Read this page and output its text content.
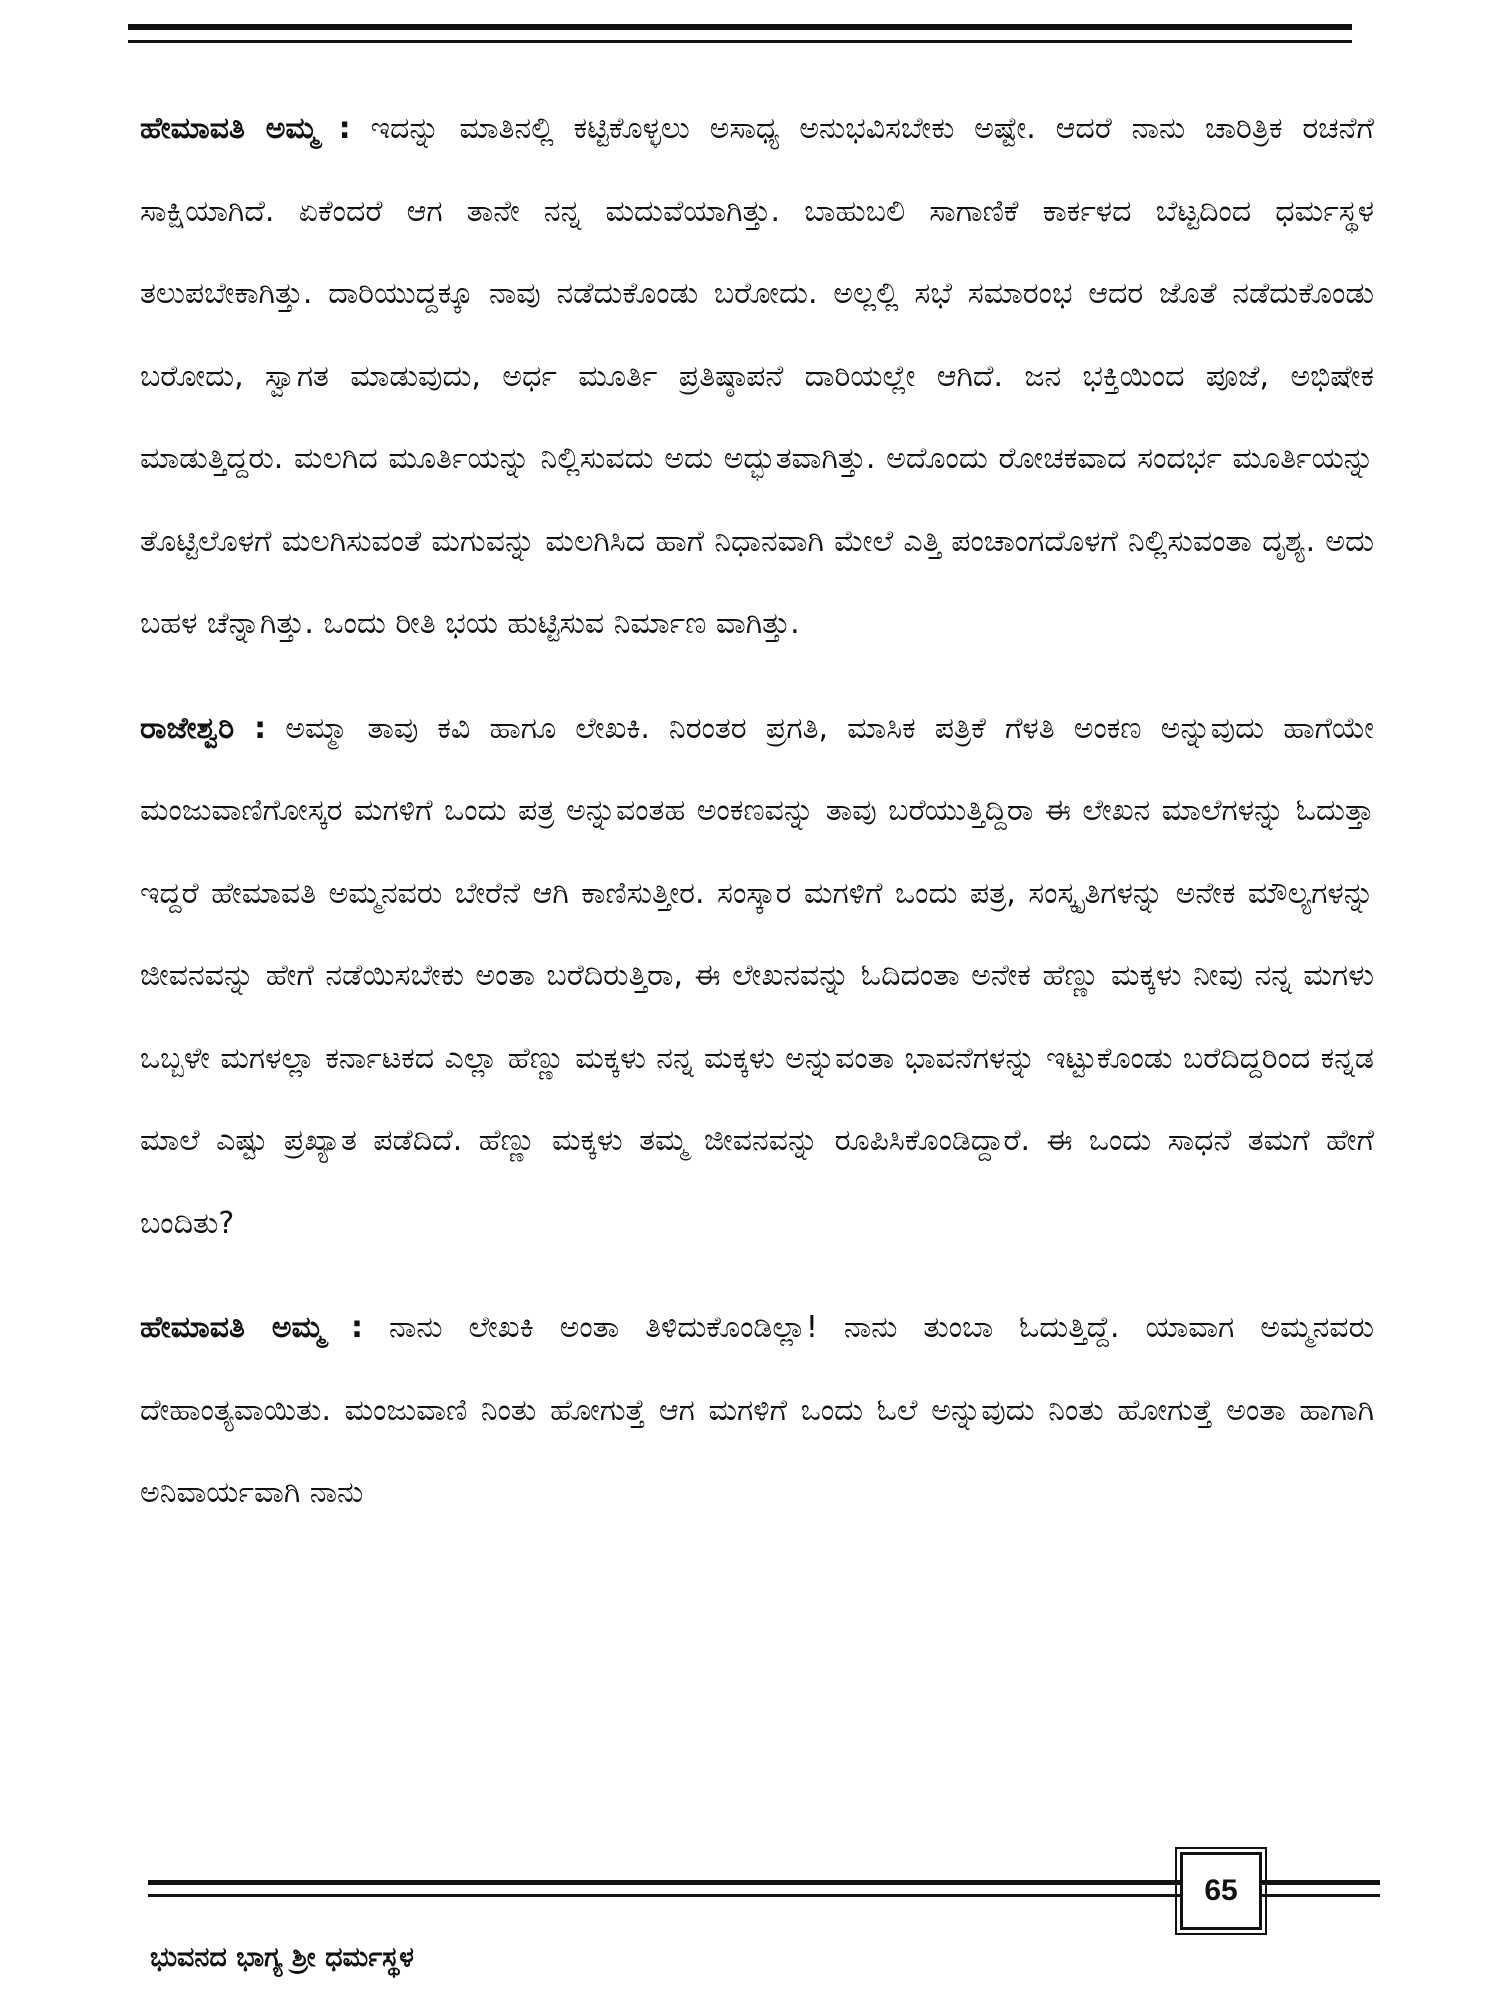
ಹೇಮಾವತಿ ಅಮ್ಮ : ಇದನ್ನು ಮಾತಿನಲ್ಲಿ ಕಟ್ಟಿಕೊಳ್ಳಲು ಅಸಾಧ್ಯ ಅನುಭವಿಸಬೇಕು ಅಷ್ಟೇ. ಆದರೆ ನಾನು ಚಾರಿತ್ರಿಕ ರಚನೆಗೆ ಸಾಕ್ಷಿಯಾಗಿದೆ. ಏಕೆಂದರೆ ಆಗ ತಾನೇ ನನ್ನ ಮದುವೆಯಾಗಿತ್ತು. ಬಾಹುಬಲಿ ಸಾಗಾಣಿಕೆ ಕಾರ್ಕಳದ ಬೆಟ್ಟದಿಂದ ಧರ್ಮಸ್ಥಳ ತಲುಪಬೇಕಾಗಿತ್ತು. ದಾರಿಯುದ್ದಕ್ಕೂ ನಾವು ನಡೆದುಕೊಂಡು ಬರೋದು. ಅಲ್ಲಲ್ಲಿ ಸಭೆ ಸಮಾರಂಭ ಆದರ ಜೊತೆ ನಡೆದುಕೊಂಡು ಬರೋದು, ಸ್ವಾಗತ ಮಾಡುವುದು, ಅರ್ಧ ಮೂರ್ತಿ ಪ್ರತಿಷ್ಠಾಪನೆ ದಾರಿಯಲ್ಲೇ ಆಗಿದೆ. ಜನ ಭಕ್ತಿಯಿಂದ ಪೂಜೆ, ಅಭಿಷೇಕ ಮಾಡುತ್ತಿದ್ದರು. ಮಲಗಿದ ಮೂರ್ತಿಯನ್ನು ನಿಲ್ಲಿಸುವದು ಅದು ಅದ್ಭುತವಾಗಿತ್ತು. ಅದೊಂದು ರೋಚಕವಾದ ಸಂದರ್ಭ ಮೂರ್ತಿಯನ್ನು ತೊಟ್ಟಿಲೊಳಗೆ ಮಲಗಿಸುವಂತೆ ಮಗುವನ್ನು ಮಲಗಿಸಿದ ಹಾಗೆ ನಿಧಾನವಾಗಿ ಮೇಲೆ ಎತ್ತಿ ಪಂಚಾಂಗದೊಳಗೆ ನಿಲ್ಲಿಸುವಂತಾ ದೃಶ್ಯ. ಅದು ಬಹಳ ಚೆನ್ನಾಗಿತ್ತು. ಒಂದು ರೀತಿ ಭಯ ಹುಟ್ಟಿಸುವ ನಿರ್ಮಾಣ ವಾಗಿತ್ತು.

ರಾಜೇಶ್ವರಿ : ಅಮ್ಮಾ ತಾವು ಕವಿ ಹಾಗೂ ಲೇಖಕಿ. ನಿರಂತರ ಪ್ರಗತಿ, ಮಾಸಿಕ ಪತ್ರಿಕೆ ಗೆಳತಿ ಅಂಕಣ ಅನ್ನುವುದು ಹಾಗೆಯೇ ಮಂಜುವಾಣಿಗೋಸ್ಕರ ಮಗಳಿಗೆ ಒಂದು ಪತ್ರ ಅನ್ನುವಂತಹ ಅಂಕಣವನ್ನು ತಾವು ಬರೆಯುತ್ತಿದ್ದಿರಾ ಈ ಲೇಖನ ಮಾಲೆಗಳನ್ನು ಓದುತ್ತಾ ಇದ್ದರೆ ಹೇಮಾವತಿ ಅಮ್ಮನವರು ಬೇರೆನೆ ಆಗಿ ಕಾಣಿಸುತ್ತೀರ. ಸಂಸ್ಕಾರ ಮಗಳಿಗೆ ಒಂದು ಪತ್ರ, ಸಂಸ್ಕೃತಿಗಳನ್ನು ಅನೇಕ ಮೌಲ್ಯಗಳನ್ನು ಜೀವನವನ್ನು ಹೇಗೆ ನಡೆಯಿಸಬೇಕು ಅಂತಾ ಬರೆದಿರುತ್ತಿರಾ, ಈ ಲೇಖನವನ್ನು ಓದಿದಂತಾ ಅನೇಕ ಹೆಣ್ಣು ಮಕ್ಕಳು ನೀವು ನನ್ನ ಮಗಳು ಒಬ್ಬಳೇ ಮಗಳಲ್ಲಾ ಕರ್ನಾಟಕದ ಎಲ್ಲಾ ಹೆಣ್ಣು ಮಕ್ಕಳು ನನ್ನ ಮಕ್ಕಳು ಅನ್ನುವಂತಾ ಭಾವನೆಗಳನ್ನು ಇಟ್ಟುಕೊಂಡು ಬರೆದಿದ್ದರಿಂದ ಕನ್ನಡ ಮಾಲೆ ಎಷ್ಟು ಪ್ರಖ್ಯಾತ ಪಡೆದಿದೆ. ಹೆಣ್ಣು ಮಕ್ಕಳು ತಮ್ಮ ಜೀವನವನ್ನು ರೂಪಿಸಿಕೊಂಡಿದ್ದಾರೆ. ಈ ಒಂದು ಸಾಧನೆ ತಮಗೆ ಹೇಗೆ ಬಂದಿತು?

ಹೇಮಾವತಿ ಅಮ್ಮ : ನಾನು ಲೇಖಕಿ ಅಂತಾ ತಿಳಿದುಕೊಂಡಿಲ್ಲಾ! ನಾನು ತುಂಬಾ ಓದುತ್ತಿದ್ದೆ. ಯಾವಾಗ ಅಮ್ಮನವರು ದೇಹಾಂತ್ಯವಾಯಿತು. ಮಂಜುವಾಣಿ ನಿಂತು ಹೋಗುತ್ತೆ ಆಗ ಮಗಳಿಗೆ ಒಂದು ಓಲೆ ಅನ್ನುವುದು ನಿಂತು ಹೋಗುತ್ತೆ ಅಂತಾ ಹಾಗಾಗಿ ಅನಿವಾರ್ಯವಾಗಿ ನಾನು

65
ಭುವನದ ಭಾಗ್ಯ ಶ್ರೀ ಧರ್ಮಸ್ಥಳ
